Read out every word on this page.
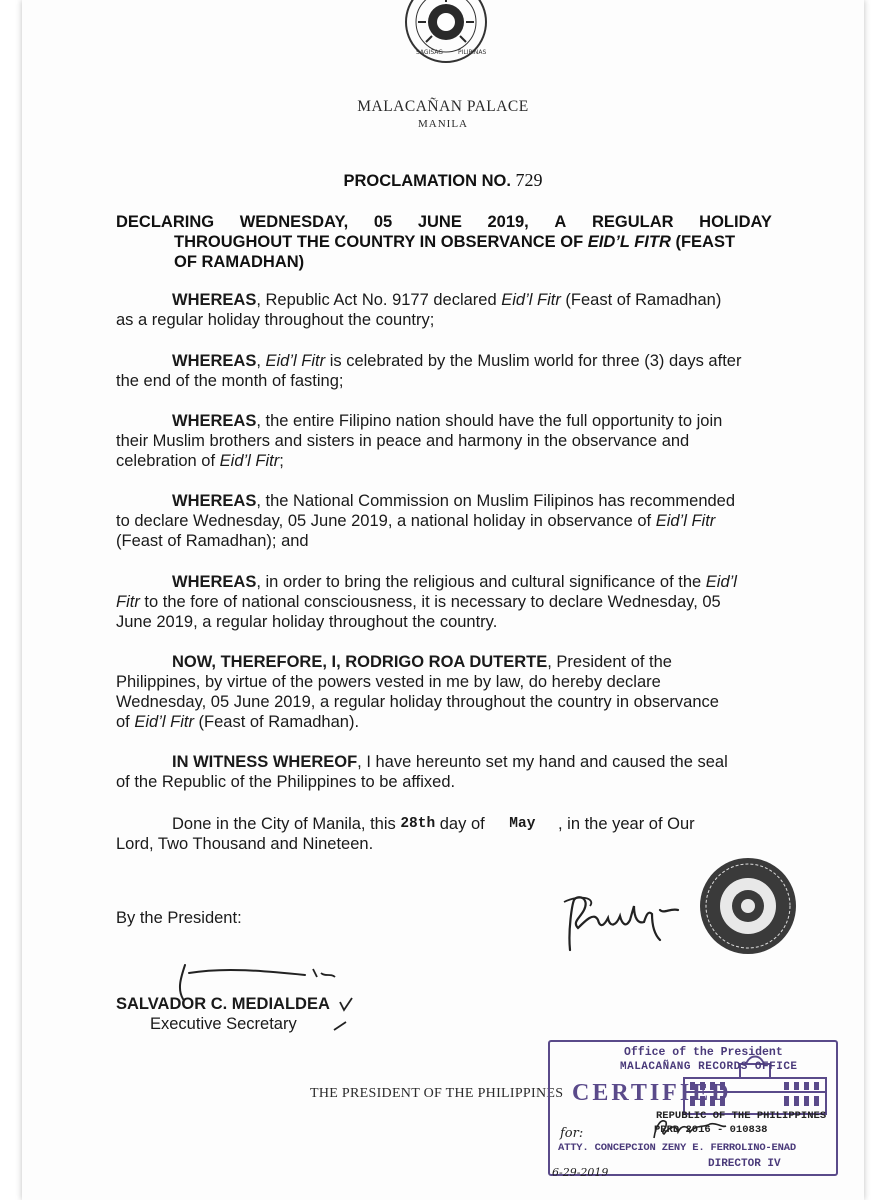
SAGISAG	PILIPINAS
MALACAÑAN PALACE
MANILA
PROCLAMATION NO. 729
DECLARING WEDNESDAY, 05 JUNE 2019, A REGULAR HOLIDAY
THROUGHOUT THE COUNTRY IN OBSERVANCE OF EID’L FITR (FEAST
OF RAMADHAN)
WHEREAS, Republic Act No. 9177 declared Eid’l Fitr (Feast of Ramadhan)
as a regular holiday throughout the country;
WHEREAS, Eid’l Fitr is celebrated by the Muslim world for three (3) days after
the end of the month of fasting;
WHEREAS, the entire Filipino nation should have the full opportunity to join
their Muslim brothers and sisters in peace and harmony in the observance and
celebration of Eid’l Fitr ;
WHEREAS, the National Commission on Muslim Filipinos has recommended
to declare Wednesday, 05 June 2019, a national holiday in observance of Eid’l Fitr
(Feast of Ramadhan); and
WHEREAS, in order to bring the religious and cultural significance of the Eid’l
Fitr to the fore of national consciousness, it is necessary to declare Wednesday, 05
June 2019, a regular holiday throughout the country.
NOW, THEREFORE, I, RODRIGO ROA DUTERTE, President of the
Philippines, by virtue of the powers vested in me by law, do hereby declare
Wednesday, 05 June 2019, a regular holiday throughout the country in observance
of Eid’l Fitr (Feast of Ramadhan).
IN WITNESS WHEREOF, I have hereunto set my hand and caused the seal
of the Republic of the Philippines to be affixed.
Done in the City of Manila, this 28th day of	May	, in the year of Our
Lord, Two Thousand and Nineteen.
By the President:
SALVADOR C. MEDIALDEA
Executive Secretary
THE PRESIDENT OF THE PHILIPPINES
Office of the President
MALACAÑANG RECORDS OFFICE
CERTIFIED
REPUBLIC OF THE PHILIPPINES
PRRD 2016 - 010838
ATTY. CONCEPCION ZENY E. FERROLINO-ENAD
DIRECTOR IV
for:
6-29-2019
